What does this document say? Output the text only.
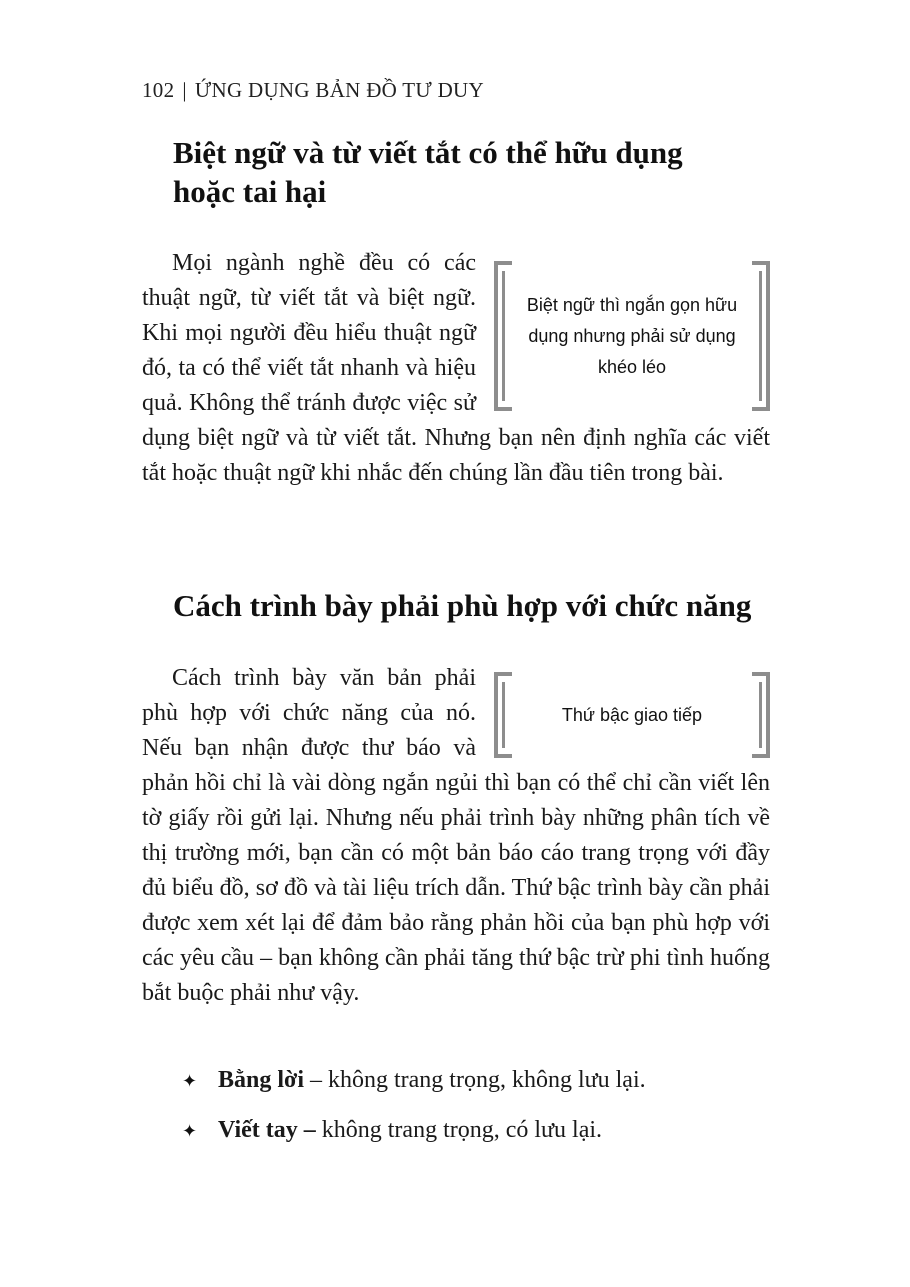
102 | ỨNG DỤNG BẢN ĐỒ TƯ DUY
Biệt ngữ và từ viết tắt có thể hữu dụng
hoặc tai hại
Biệt ngữ thì ngắn gọn hữu dụng nhưng phải sử dụng khéo léo
Mọi ngành nghề đều có các thuật ngữ, từ viết tắt và biệt ngữ. Khi mọi người đều hiểu thuật ngữ đó, ta có thể viết tắt nhanh và hiệu quả. Không thể tránh được việc sử dụng biệt ngữ và từ viết tắt. Nhưng bạn nên định nghĩa các viết tắt hoặc thuật ngữ khi nhắc đến chúng lần đầu tiên trong bài.
Cách trình bày phải phù hợp với chức năng
Thứ bậc giao tiếp
Cách trình bày văn bản phải phù hợp với chức năng của nó. Nếu bạn nhận được thư báo và phản hồi chỉ là vài dòng ngắn ngủi thì bạn có thể chỉ cần viết lên tờ giấy rồi gửi lại. Nhưng nếu phải trình bày những phân tích về thị trường mới, bạn cần có một bản báo cáo trang trọng với đầy đủ biểu đồ, sơ đồ và tài liệu trích dẫn. Thứ bậc trình bày cần phải được xem xét lại để đảm bảo rằng phản hồi của bạn phù hợp với các yêu cầu – bạn không cần phải tăng thứ bậc trừ phi tình huống bắt buộc phải như vậy.
✦ Bằng lời – không trang trọng, không lưu lại.
✦ Viết tay – không trang trọng, có lưu lại.
